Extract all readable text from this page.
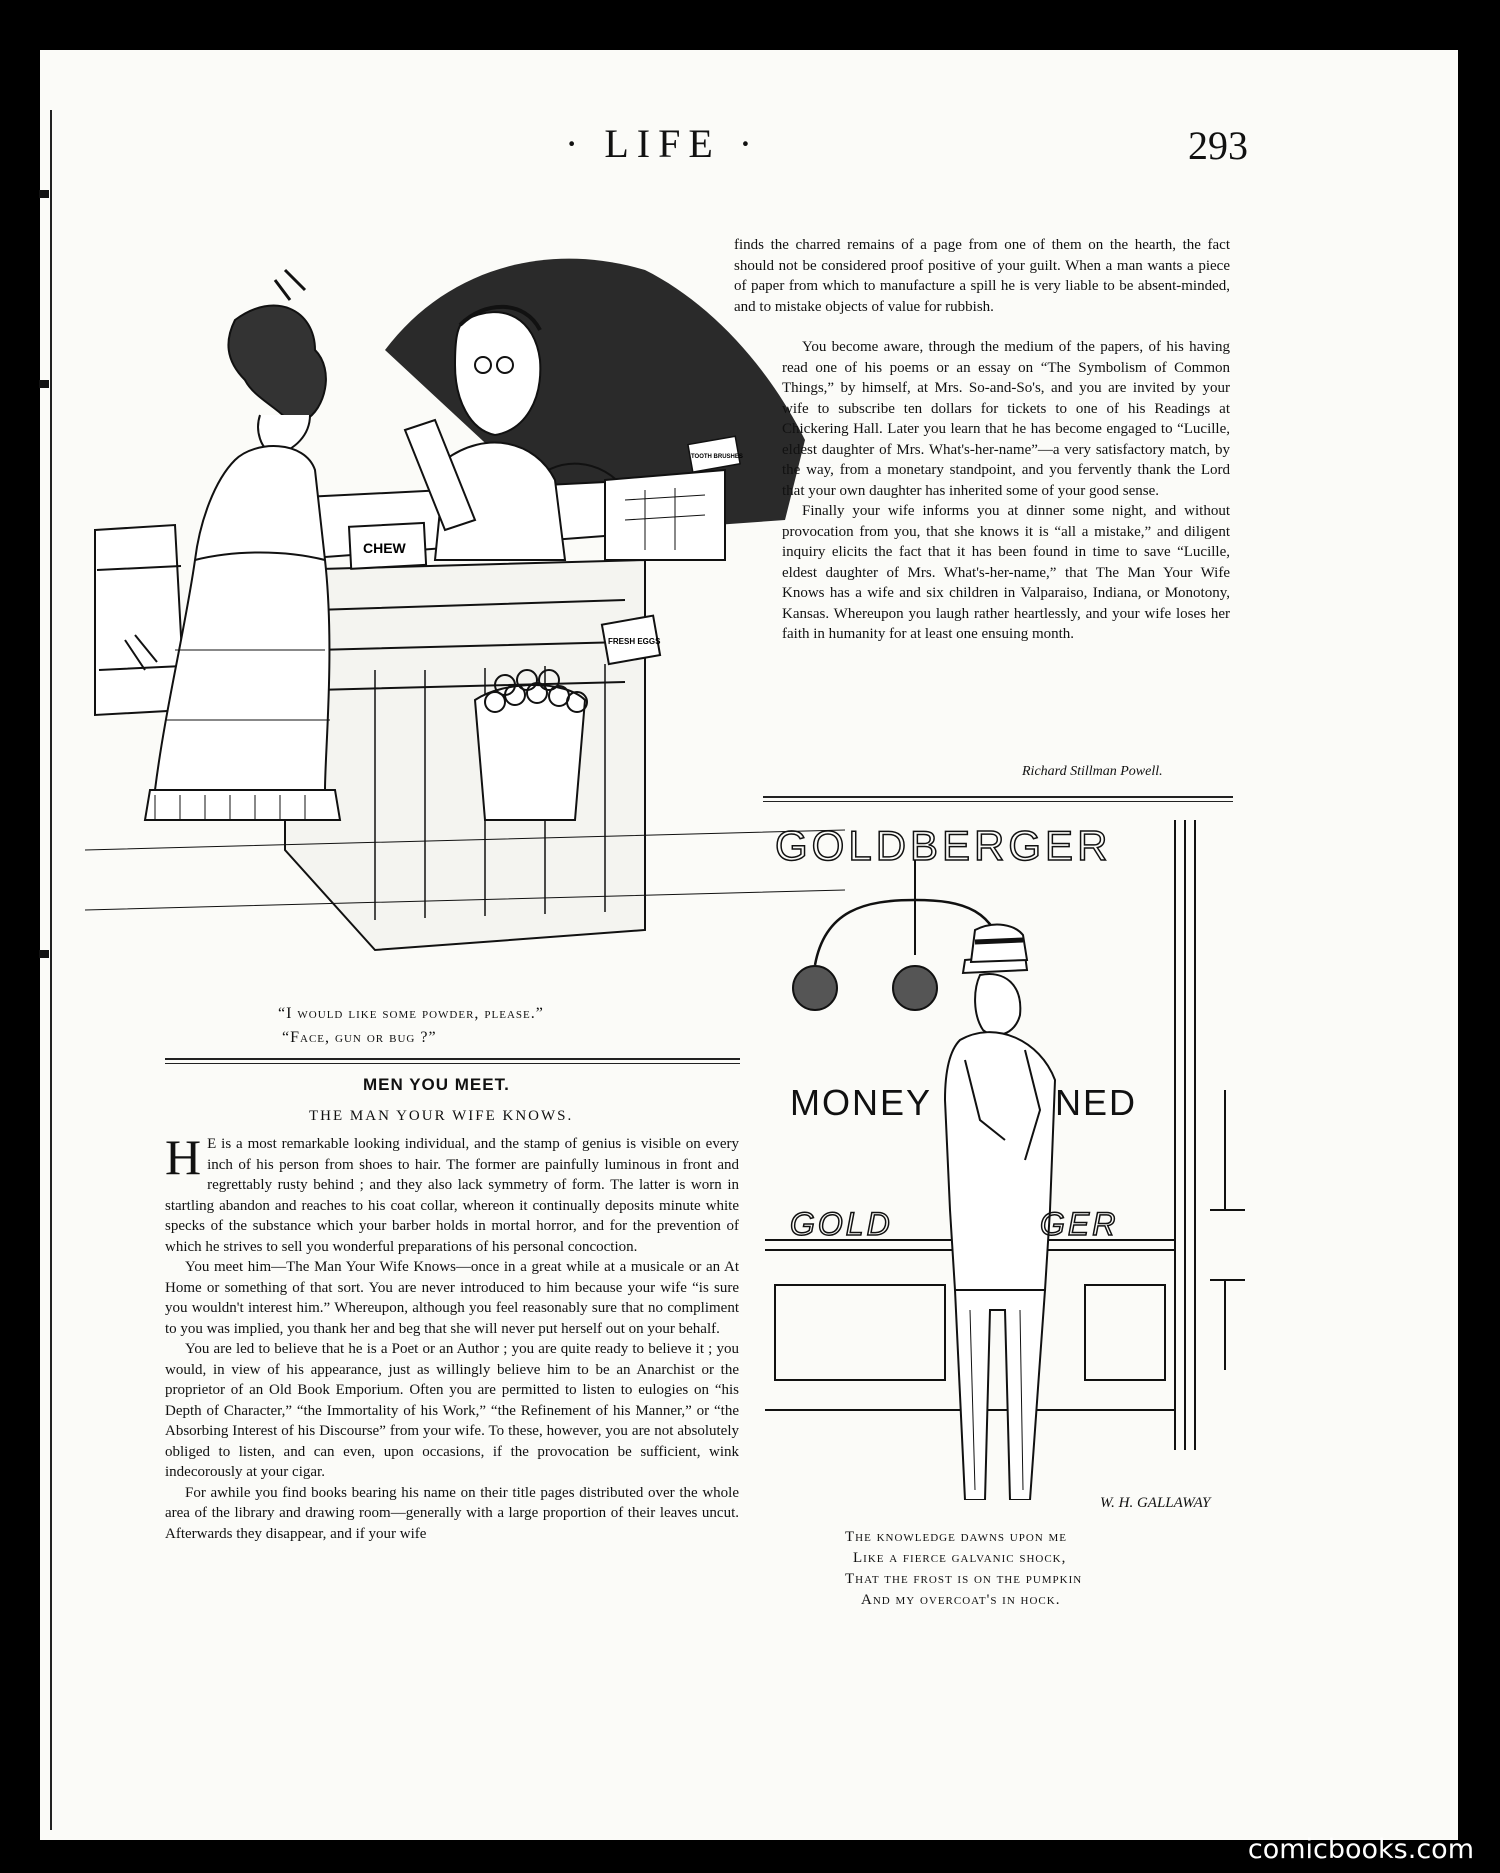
· LIFE ·	293
CHEW
FRESH EGGS
TOOTH BRUSHES
“I would like some powder, please.”
“Face, gun or bug ?”
MEN YOU MEET.
THE MAN YOUR WIFE KNOWS.

H E is a most remarkable looking individual, and the stamp of genius is visible on every inch of his person from shoes to hair. The former are painfully luminous in front and regrettably rusty behind ; and they also lack symmetry of form. The latter is worn in startling abandon and reaches to his coat collar, whereon it continually deposits minute white specks of the substance which your barber holds in mortal horror, and for the prevention of which he strives to sell you wonderful preparations of his personal concoction.

You meet him—The Man Your Wife Knows—once in a great while at a musicale or an At Home or something of that sort. You are never introduced to him because your wife “is sure you wouldn't interest him.” Whereupon, although you feel reasonably sure that no compliment to you was implied, you thank her and beg that she will never put herself out on your behalf.

You are led to believe that he is a Poet or an Author ; you are quite ready to believe it ; you would, in view of his appearance, just as willingly believe him to be an Anarchist or the proprietor of an Old Book Emporium. Often you are permitted to listen to eulogies on “his Depth of Character,” “the Immortality of his Work,” “the Refinement of his Manner,” or “the Absorbing Interest of his Discourse” from your wife. To these, however, you are not absolutely obliged to listen, and can even, upon occasions, if the provocation be sufficient, wink indecorously at your cigar.

For awhile you find books bearing his name on their title pages distributed over the whole area of the library and drawing room—generally with a large proportion of their leaves uncut. Afterwards they disappear, and if your wife

finds the charred remains of a page from one of them on the hearth, the fact should not be considered proof positive of your guilt. When a man wants a piece of paper from which to manufacture a spill he is very liable to be absent-minded, and to mistake objects of value for rubbish.

You become aware, through the medium of the papers, of his having read one of his poems or an essay on “The Symbolism of Common Things,” by himself, at Mrs. So-and-So's, and you are invited by your wife to subscribe ten dollars for tickets to one of his Readings at Chickering Hall. Later you learn that he has become engaged to “Lucille, eldest daughter of Mrs. What's-her-name”—a very satisfactory match, by the way, from a monetary standpoint, and you fervently thank the Lord that your own daughter has inherited some of your good sense.

Finally your wife informs you at dinner some night, and without provocation from you, that she knows it is “all a mistake,” and diligent inquiry elicits the fact that it has been found in time to save “Lucille, eldest daughter of Mrs. What's-her-name,” that The Man Your Wife Knows has a wife and six children in Valparaiso, Indiana, or Monotony, Kansas. Whereupon you laugh rather heartlessly, and your wife loses her faith in humanity for at least one ensuing month.

Richard Stillman Powell.
GOLDBERGER
MONEY	NED
GOLD	GER
W. H. GALLAWAY
The knowledge dawns upon me
Like a fierce galvanic shock,
That the frost is on the pumpkin
And my overcoat's in hock.
comicbooks.com
